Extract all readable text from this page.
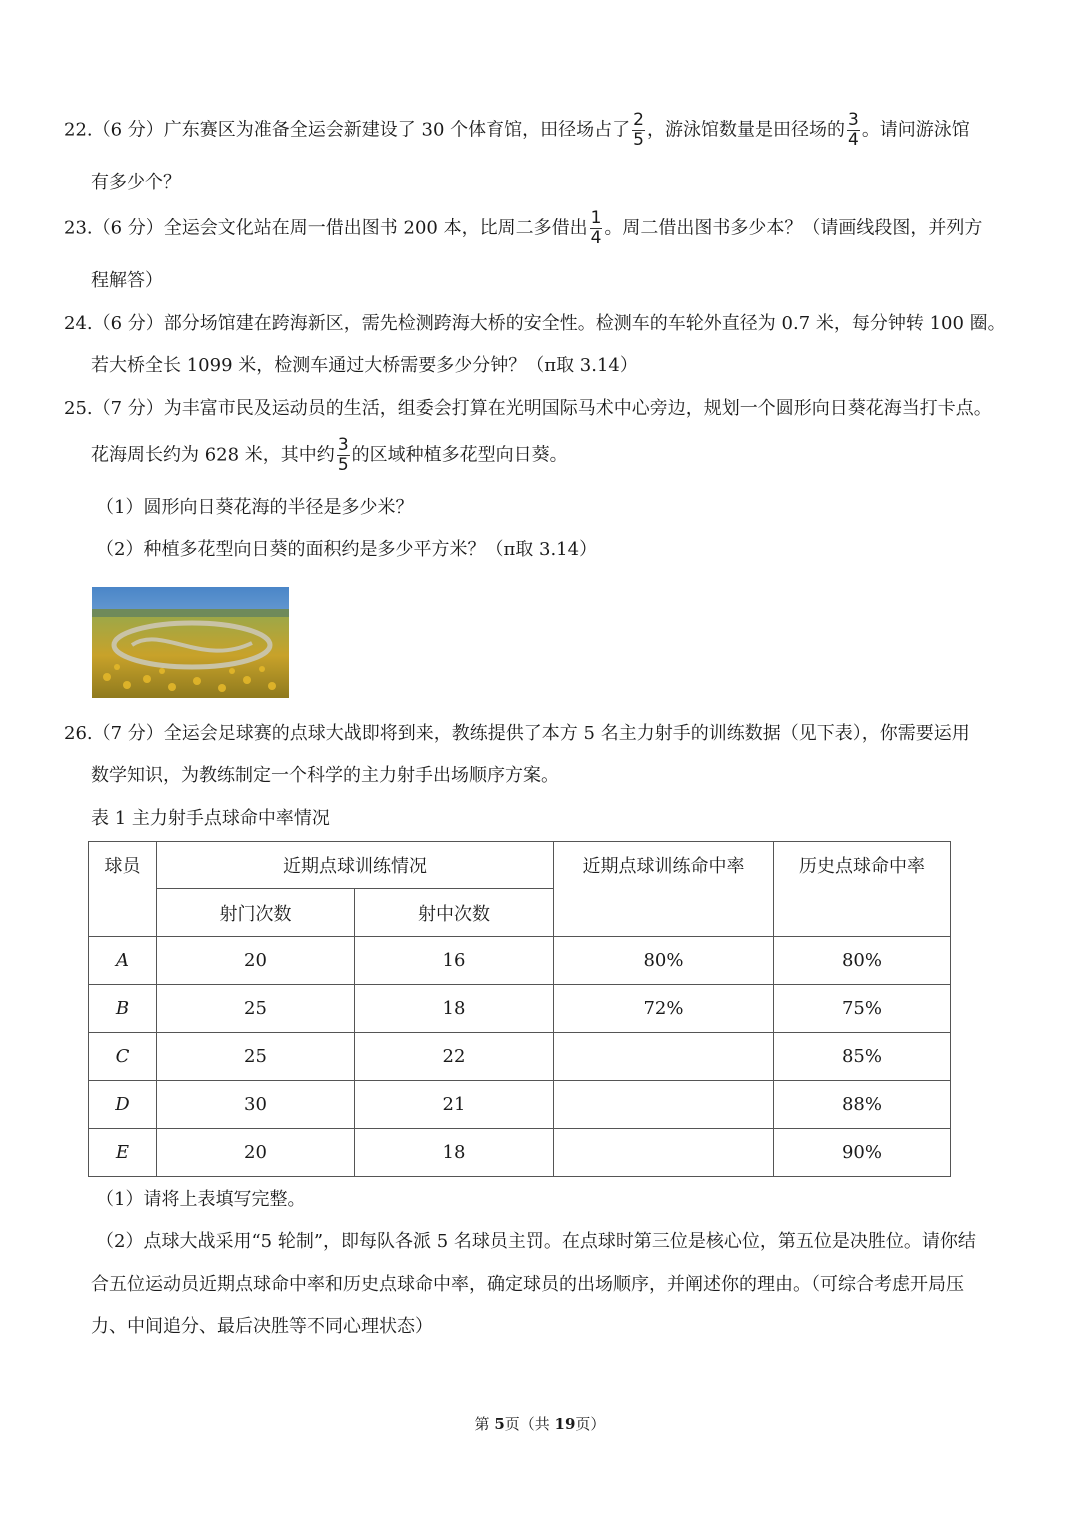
22.（6 分）广东赛区为准备全运会新建设了 30 个体育馆，田径场占了 $\frac{2}{5}$ ，游泳馆数量是田径场的 $\frac{3}{4}$ 。请问游泳馆
有多少个？
23.（6 分）全运会文化站在周一借出图书 200 本，比周二多借出 $\frac{1}{4}$ 。周二借出图书多少本？（请画线段图，并列方
程解答）
24.（6 分）部分场馆建在跨海新区，需先检测跨海大桥的安全性。检测车的车轮外直径为 0.7 米，每分钟转 100 圈。
若大桥全长 1099 米，检测车通过大桥需要多少分钟？（π取 3.14）
25.（7 分）为丰富市民及运动员的生活，组委会打算在光明国际马术中心旁边，规划一个圆形向日葵花海当打卡点。
花海周长约为 628 米，其中约 $\frac{3}{5}$ 的区域种植多花型向日葵。
（1）圆形向日葵花海的半径是多少米？
（2）种植多花型向日葵的面积约是多少平方米？（π取 3.14）
26.（7 分）全运会足球赛的点球大战即将到来，教练提供了本方 5 名主力射手的训练数据（见下表），你需要运用
数学知识，为教练制定一个科学的主力射手出场顺序方案。
表 1 主力射手点球命中率情况
球员	近期点球训练情况		近期点球训练命中率	历史点球命中率
	射门次数	射中次数		
A	20	16	80%	80%
B	25	18	72%	75%
C	25	22		85%
D	30	21		88%
E	20	18		90%
（1）请将上表填写完整。
（2）点球大战采用“5 轮制”，即每队各派 5 名球员主罚。在点球时第三位是核心位，第五位是决胜位。请你结
合五位运动员近期点球命中率和历史点球命中率，确定球员的出场顺序，并阐述你的理由。（可综合考虑开局压
力、中间追分、最后决胜等不同心理状态）
第 5页（共 19页）
